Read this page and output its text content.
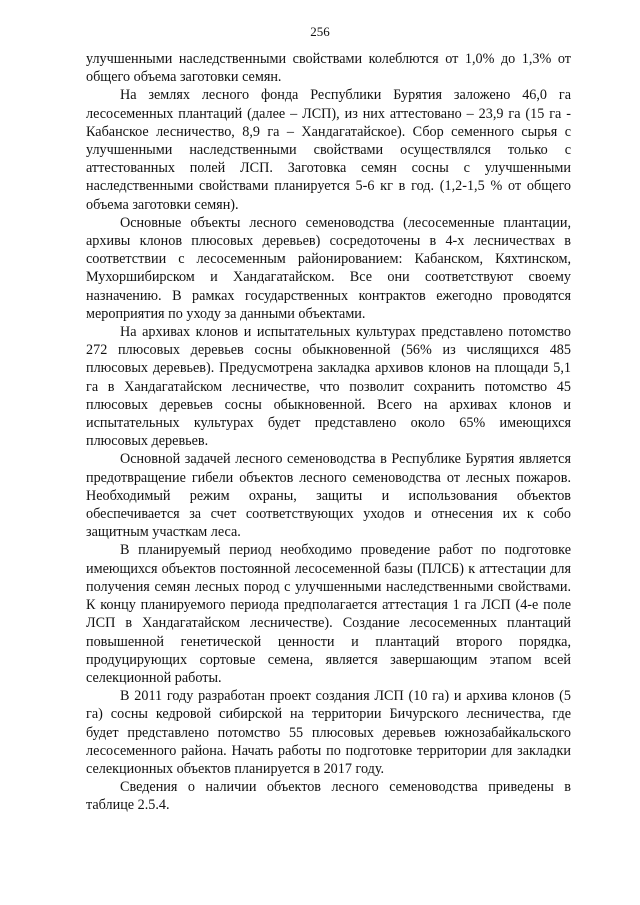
256

улучшенными наследственными свойствами колеблются от 1,0% до 1,3% от общего объема заготовки семян.

На землях лесного фонда Республики Бурятия заложено 46,0 га лесосеменных плантаций (далее – ЛСП), из них аттестовано – 23,9 га (15 га - Кабанское лесничество, 8,9 га – Хандагатайское). Сбор семенного сырья с улучшенными наследственными свойствами осуществлялся только с аттестованных полей ЛСП. Заготовка семян сосны с улучшенными наследственными свойствами планируется 5-6 кг в год. (1,2-1,5 % от общего объема заготовки семян).

Основные объекты лесного семеноводства (лесосеменные плантации, архивы клонов плюсовых деревьев) сосредоточены в 4-х лесничествах в соответствии с лесосеменным районированием: Кабанском, Кяхтинском, Мухоршибирском и Хандагатайском. Все они соответствуют своему назначению. В рамках государственных контрактов ежегодно проводятся мероприятия по уходу за данными объектами.

На архивах клонов и испытательных культурах представлено потомство 272 плюсовых деревьев сосны обыкновенной (56% из числящихся 485 плюсовых деревьев). Предусмотрена закладка архивов клонов на площади 5,1 га в Хандагатайском лесничестве, что позволит сохранить потомство 45 плюсовых деревьев сосны обыкновенной. Всего на архивах клонов и испытательных культурах будет представлено около 65% имеющихся плюсовых деревьев.

Основной задачей лесного семеноводства в Республике Бурятия является предотвращение гибели объектов лесного семеноводства от лесных пожаров. Необходимый режим охраны, защиты и использования объектов обеспечивается за счет соответствующих уходов и отнесения их к собо защитным участкам леса.

В планируемый период необходимо проведение работ по подготовке имеющихся объектов постоянной лесосеменной базы (ПЛСБ) к аттестации для получения семян лесных пород с улучшенными наследственными свойствами. К концу планируемого периода предполагается аттестация 1 га ЛСП (4-е поле ЛСП в Хандагатайском лесничестве). Создание лесосеменных плантаций повышенной генетической ценности и плантаций второго порядка, продуцирующих сортовые семена, является завершающим этапом всей селекционной работы.

В 2011 году разработан проект создания ЛСП (10 га) и архива клонов (5 га) сосны кедровой сибирской на территории Бичурского лесничества, где будет представлено потомство 55 плюсовых деревьев южнозабайкальского лесосеменного района. Начать работы по подготовке территории для закладки селекционных объектов планируется в 2017 году.

Сведения о наличии объектов лесного семеноводства приведены в таблице 2.5.4.
